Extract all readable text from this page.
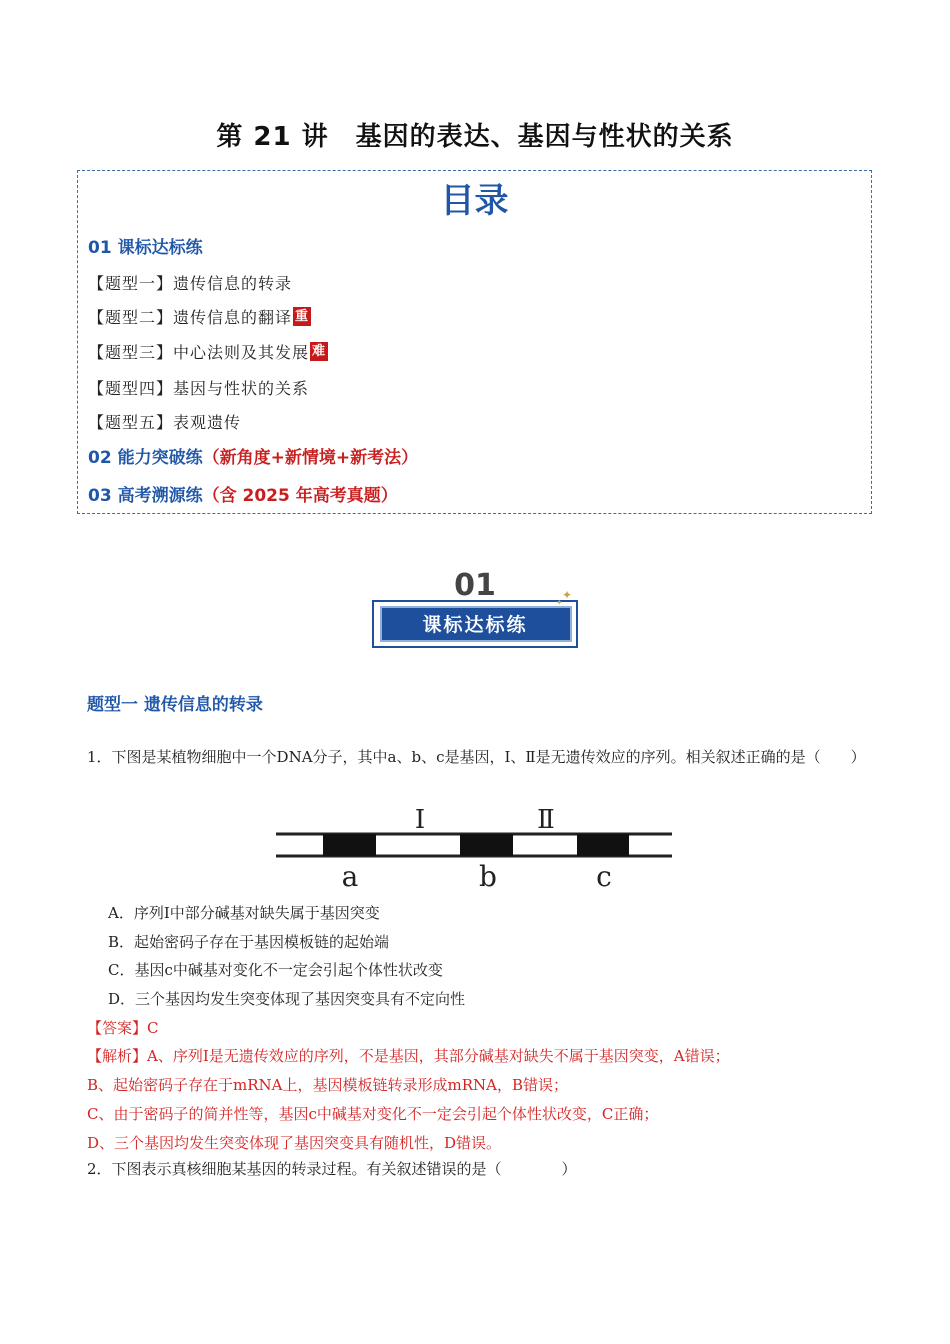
第 21 讲　基因的表达、基因与性状的关系
目录
01 课标达标练
【题型一】遗传信息的转录
【题型二】遗传信息的翻译 重
【题型三】中心法则及其发展 难
【题型四】基因与性状的关系
【题型五】表观遗传
02 能力突破练（新角度+新情境+新考法）
03 高考溯源练（含 2025 年高考真题）
01
课标达标练
✦
✦
题型一 遗传信息的转录
1．下图是某植物细胞中一个DNA分子，其中a、b、c是基因，Ⅰ、Ⅱ是无遗传效应的序列。相关叙述正确的是（　　）
Ⅰ	Ⅱ
a	b	c
A．序列Ⅰ中部分碱基对缺失属于基因突变
B．起始密码子存在于基因模板链的起始端
C．基因c中碱基对变化不一定会引起个体性状改变
D．三个基因均发生突变体现了基因突变具有不定向性
【答案】C
【解析】A、序列Ⅰ是无遗传效应的序列，不是基因，其部分碱基对缺失不属于基因突变，A错误；
B、起始密码子存在于mRNA上，基因模板链转录形成mRNA，B错误；
C、由于密码子的简并性等，基因c中碱基对变化不一定会引起个体性状改变，C正确；
D、三个基因均发生突变体现了基因突变具有随机性，D错误。
2．下图表示真核细胞某基因的转录过程。有关叙述错误的是（　　　　）
